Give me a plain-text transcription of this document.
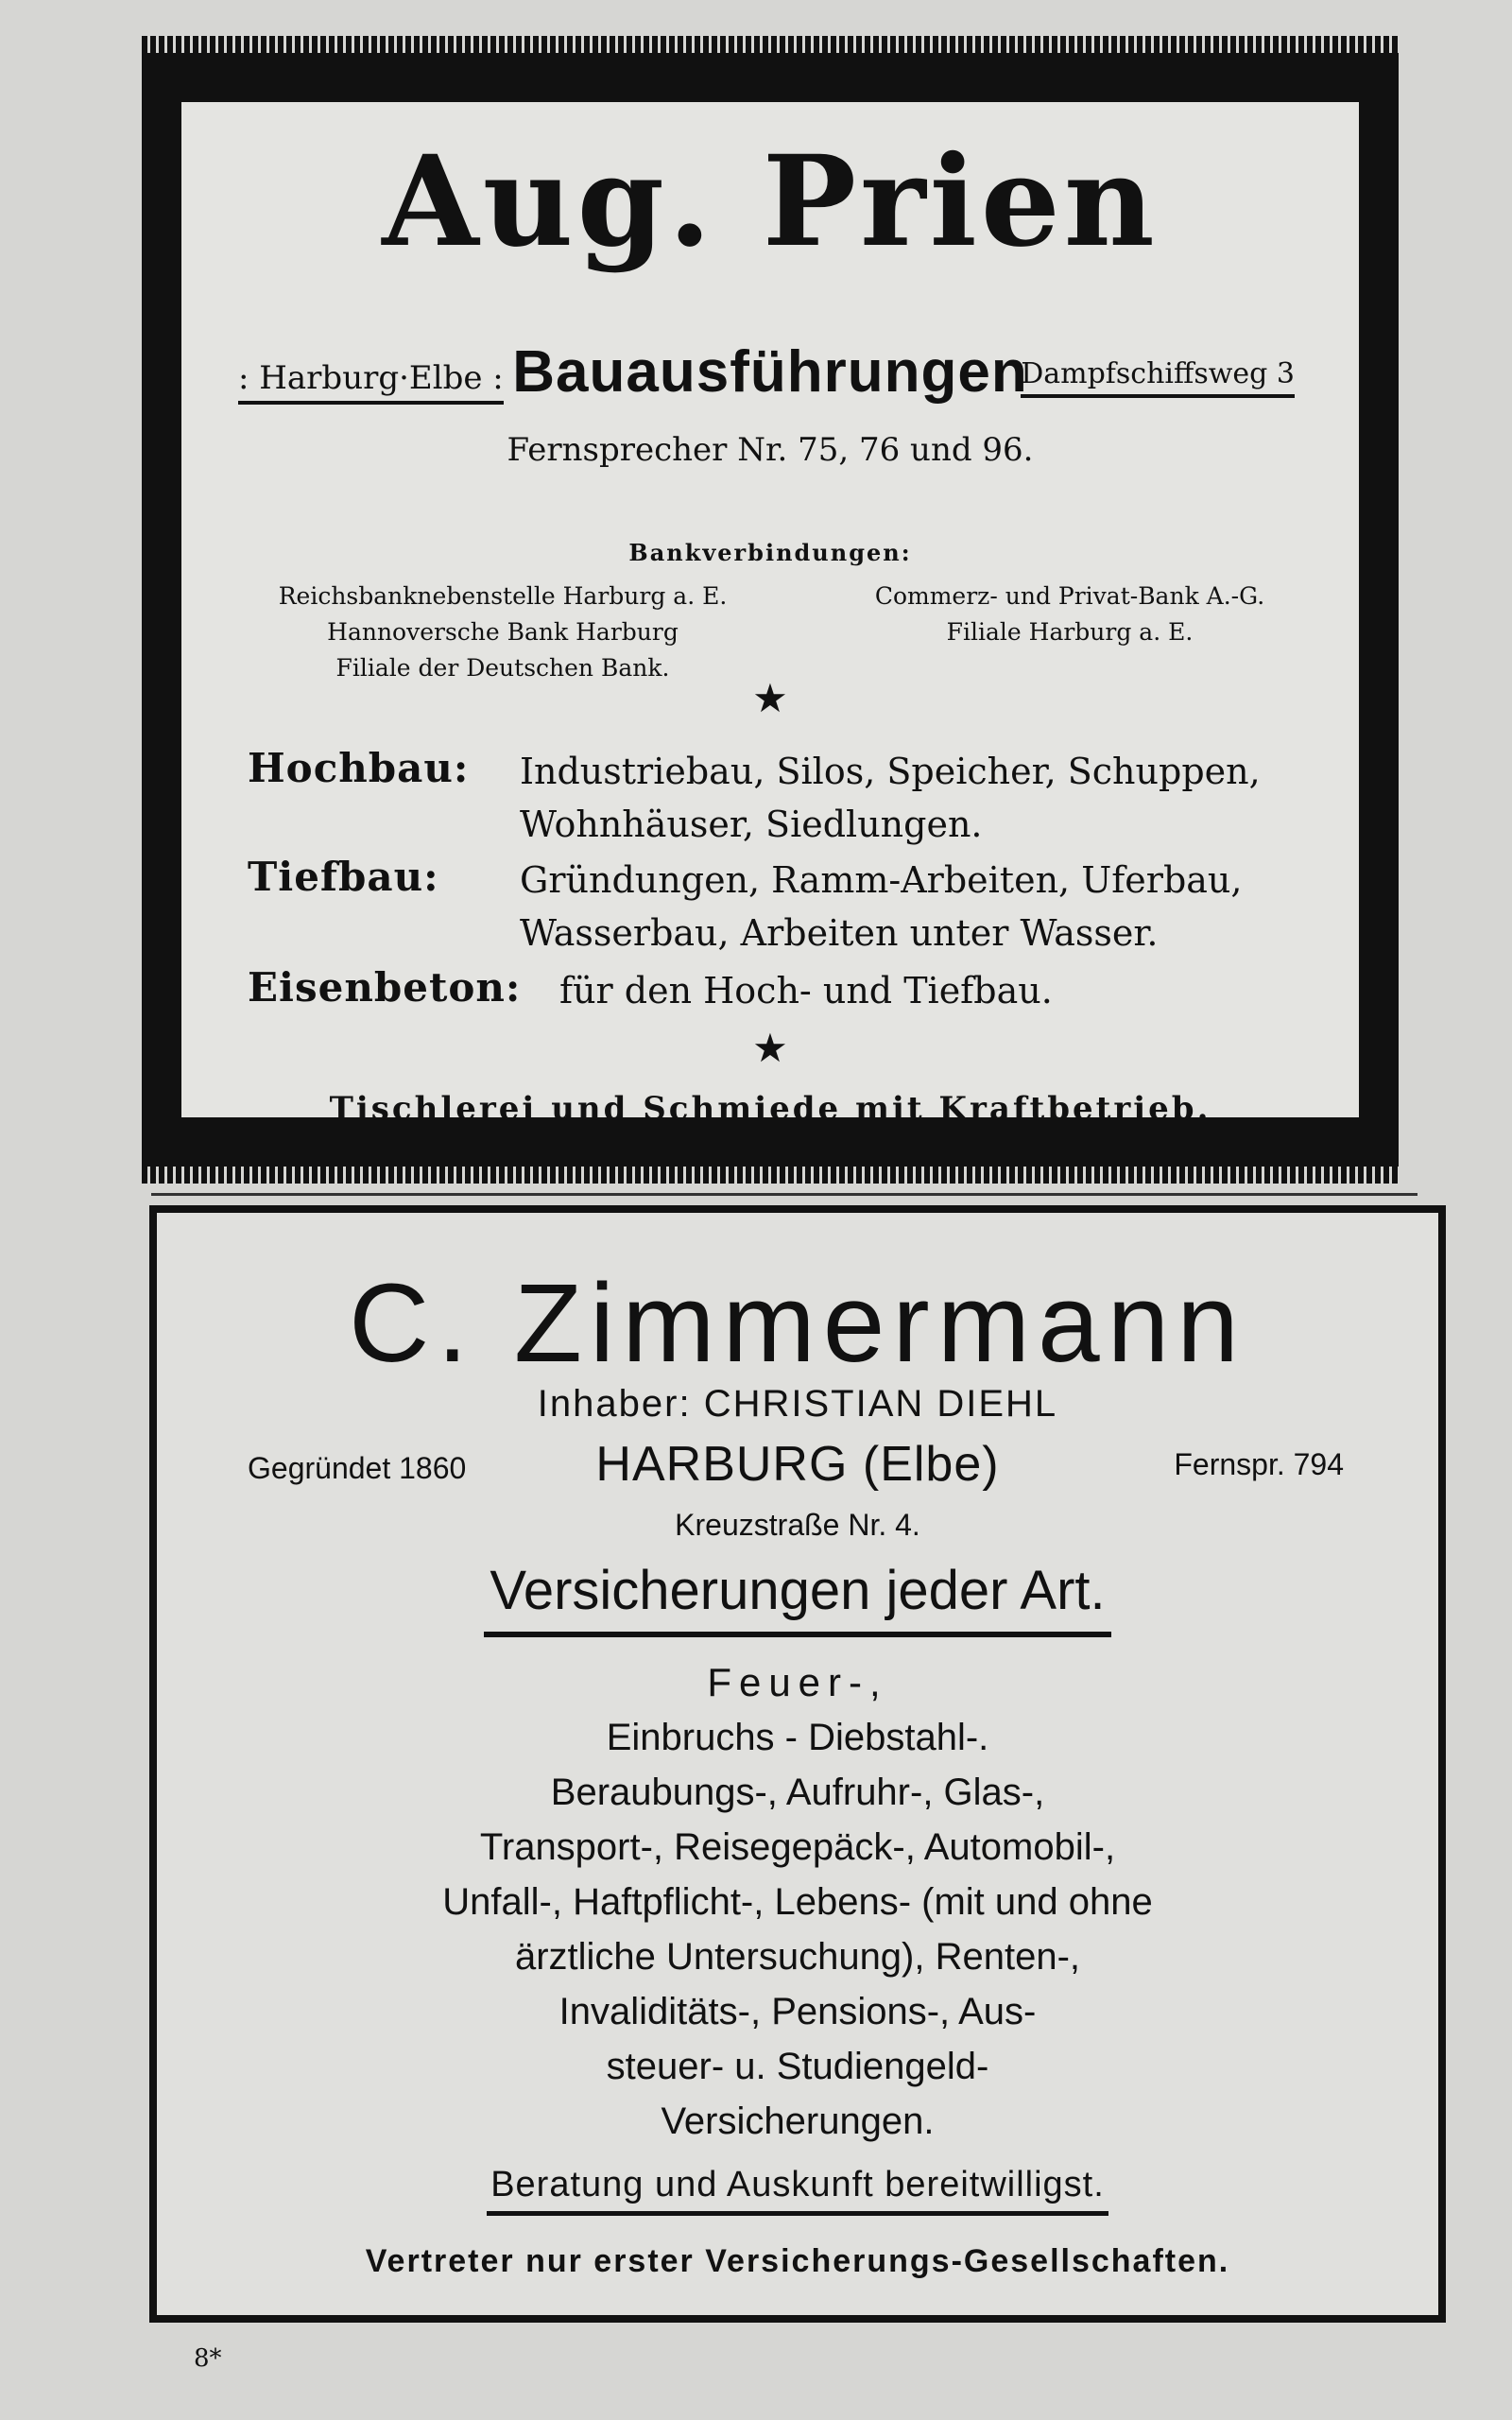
Aug. Prien
: Harburg·Elbe : Bauausführungen
Dampfschiffsweg 3
Fernsprecher Nr. 75, 76 und 96.
Bankverbindungen:
Reichsbanknebenstelle Harburg a. E.
Hannoversche Bank Harburg
Filiale der Deutschen Bank.
Commerz- und Privat-Bank A.-G.
Filiale Harburg a. E.
★
Hochbau: Industriebau, Silos, Speicher, Schuppen,
Wohnhäuser, Siedlungen.
Tiefbau: Gründungen, Ramm-Arbeiten, Uferbau,
Wasserbau, Arbeiten unter Wasser.
Eisenbeton: für den Hoch- und Tiefbau.
★
Tischlerei und Schmiede mit Kraftbetrieb.
C. Zimmermann
Inhaber: CHRISTIAN DIEHL
Gegründet 1860	HARBURG (Elbe)	Fernspr. 794
Kreuzstraße Nr. 4.
Versicherungen jeder Art.
Feuer-,
Einbruchs - Diebstahl-.
Beraubungs-, Aufruhr-, Glas-,
Transport-, Reisegepäck-, Automobil-,
Unfall-, Haftpflicht-, Lebens- (mit und ohne
ärztliche Untersuchung), Renten-,
Invaliditäts-, Pensions-, Aus-
steuer- u. Studiengeld-
Versicherungen.
Beratung und Auskunft bereitwilligst.
Vertreter nur erster Versicherungs-Gesellschaften.
8*
